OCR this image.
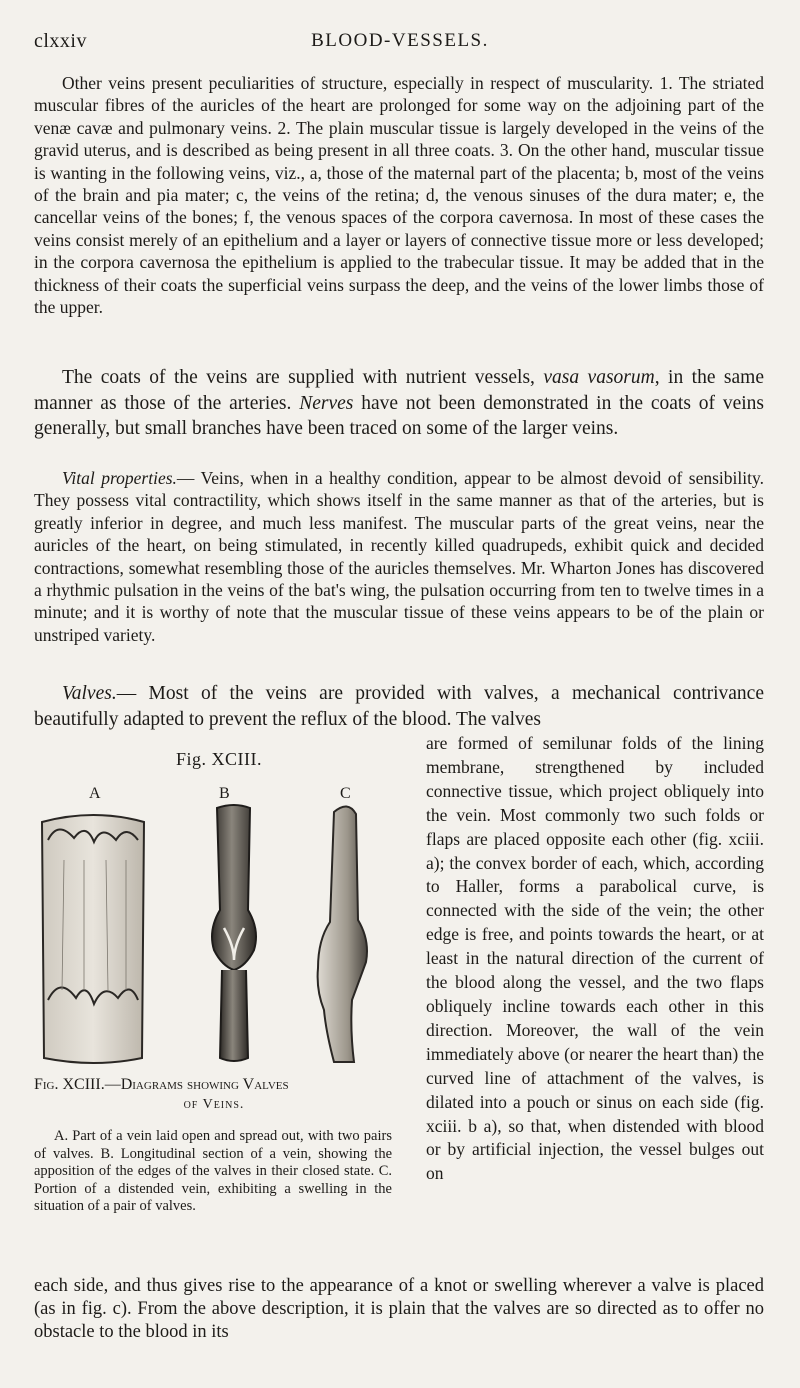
clxxiv	BLOOD-VESSELS.

Other veins present peculiarities of structure, especially in respect of muscularity. 1. The striated muscular fibres of the auricles of the heart are prolonged for some way on the adjoining part of the venæ cavæ and pulmonary veins. 2. The plain muscular tissue is largely developed in the veins of the gravid uterus, and is described as being present in all three coats. 3. On the other hand, muscular tissue is wanting in the following veins, viz., a, those of the maternal part of the placenta; b, most of the veins of the brain and pia mater; c, the veins of the retina; d, the venous sinuses of the dura mater; e, the cancellar veins of the bones; f, the venous spaces of the corpora cavernosa. In most of these cases the veins consist merely of an epithelium and a layer or layers of connective tissue more or less developed; in the corpora cavernosa the epithelium is applied to the trabecular tissue. It may be added that in the thickness of their coats the superficial veins surpass the deep, and the veins of the lower limbs those of the upper.

The coats of the veins are supplied with nutrient vessels, vasa vasorum, in the same manner as those of the arteries. Nerves have not been demonstrated in the coats of veins generally, but small branches have been traced on some of the larger veins.

Vital properties.— Veins, when in a healthy condition, appear to be almost devoid of sensibility. They possess vital contractility, which shows itself in the same manner as that of the arteries, but is greatly inferior in degree, and much less manifest. The muscular parts of the great veins, near the auricles of the heart, on being stimulated, in recently killed quadrupeds, exhibit quick and decided contractions, somewhat resembling those of the auricles themselves. Mr. Wharton Jones has discovered a rhythmic pulsation in the veins of the bat's wing, the pulsation occurring from ten to twelve times in a minute; and it is worthy of note that the muscular tissue of these veins appears to be of the plain or unstriped variety.

Valves.— Most of the veins are provided with valves, a mechanical contrivance beautifully adapted to prevent the reflux of the blood. The valves

Fig. XCIII.
A	B	C
Fig. XCIII.—Diagrams showing Valves
of Veins.

A. Part of a vein laid open and spread out, with two pairs of valves. B. Longitudinal section of a vein, showing the apposition of the edges of the valves in their closed state. C. Portion of a distended vein, exhibiting a swelling in the situation of a pair of valves.

are formed of semilunar folds of the lining membrane, strengthened by included connective tissue, which project obliquely into the vein. Most commonly two such folds or flaps are placed opposite each other (fig. xciii. a); the convex border of each, which, according to Haller, forms a parabolical curve, is connected with the side of the vein; the other edge is free, and points towards the heart, or at least in the natural direction of the current of the blood along the vessel, and the two flaps obliquely incline towards each other in this direction. Moreover, the wall of the vein immediately above (or nearer the heart than) the curved line of attachment of the valves, is dilated into a pouch or sinus on each side (fig. xciii. b a), so that, when distended with blood or by artificial injection, the vessel bulges out on

each side, and thus gives rise to the appearance of a knot or swelling wherever a valve is placed (as in fig. c). From the above description, it is plain that the valves are so directed as to offer no obstacle to the blood in its
